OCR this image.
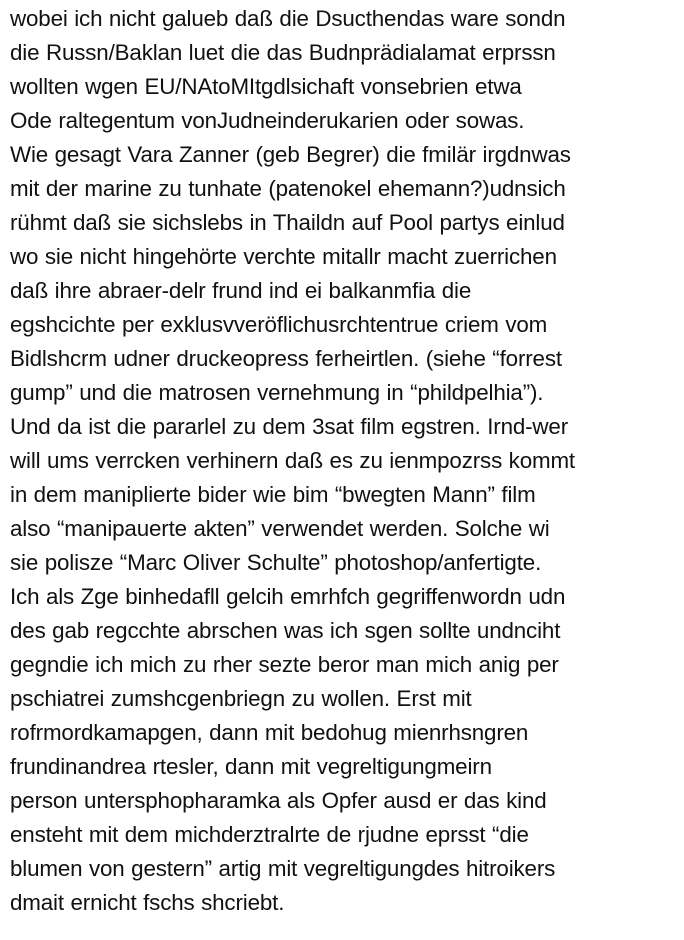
wobei ich nicht galueb daß die Dsucthendas ware sondn
die Russn/Baklan luet die das Budnprädialamat erprssn
wollten wgen EU/NAtoMItgdlsichaft vonsebrien etwa
Ode raltegentum vonJudneinderukarien oder sowas.
Wie gesagt Vara Zanner (geb Begrer) die fmilär irgdnwas
mit der marine zu tunhate (patenokel ehemann?)udnsich
rühmt daß sie sichslebs in Thaildn auf Pool partys einlud
wo sie nicht hingehörte verchte mitallr macht zuerrichen
daß ihre abraer-delr frund ind ei balkanmfia die
egshcichte per exklusvveröflichusrchtentrue criem vom
Bidlshcrm udner druckeopress ferheirtlen. (siehe “forrest
gump” und die matrosen vernehmung in “phildpelhia”).
Und da ist die pararlel zu dem 3sat film egstren. Irnd-wer
will ums verrcken verhinern daß es zu ienmpozrss kommt
in dem maniplierte bider wie bim “bwegten Mann” film
also “manipauerte akten” verwendet werden. Solche wi
sie polisze “Marc Oliver Schulte” photoshop/anfertigte.
Ich als Zge binhedafll gelcih emrhfch gegriffenwordn udn
des gab regcchte abrschen was ich sgen sollte undnciht
gegndie ich mich zu rher sezte beror man mich anig per
pschiatrei zumshcgenbriegn zu wollen. Erst mit
rofrmordkamapgen, dann mit bedohug mienrhsngren
frundinandrea rtesler, dann mit vegreltigungmeirn
person untersphopharamka als Opfer ausd er das kind
ensteht mit dem michderztralrte de rjudne eprsst “die
blumen von gestern” artig mit vegreltigungdes hitroikers
dmait ernicht fschs shcriebt.
